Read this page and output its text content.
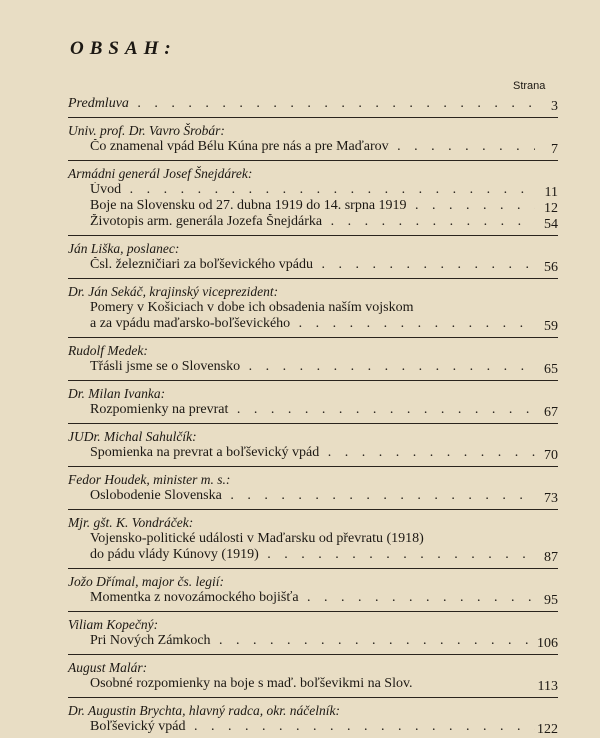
OBSAH:
Strana
Predmluva . . .	3
Univ. prof. Dr. Vavro Šrobár:
Čo znamenal vpád Bélu Kúna pre nás a pre Maďarov . . .	7
Armádni generál Josef Šnejdárek:
Úvod . . .	11
Boje na Slovensku od 27. dubna 1919 do 14. srpna 1919 . . .	12
Životopis arm. generála Jozefa Šnejdárka . . .	54
Ján Liška, poslanec:
Čsl. železničiari za boľševického vpádu . . .	56
Dr. Ján Sekáč, krajinský viceprezident:
Pomery v Košiciach v dobe ich obsadenia naším vojskom
a za vpádu maďarsko-boľševického . . .	59
Rudolf Medek:
Třásli jsme se o Slovensko . . .	65
Dr. Milan Ivanka:
Rozpomienky na prevrat . . .	67
JUDr. Michal Sahulčík:
Spomienka na prevrat a boľševický vpád . . .	70
Fedor Houdek, minister m. s.:
Oslobodenie Slovenska . . .	73
Mjr. gšt. K. Vondráček:
Vojensko-politické události v Maďarsku od převratu (1918)
do pádu vlády Kúnovy (1919) . . .	87
Jožo Dřímal, major čs. legií:
Momentka z novozámockého bojišťa . . .	95
Viliam Kopečný:
Pri Nových Zámkoch . . .	106
August Malár:
Osobné rozpomienky na boje s maď. boľševikmi na Slov.	113
Dr. Augustin Brychta, hlavný radca, okr. náčelník:
Boľševický vpád . . .	122
